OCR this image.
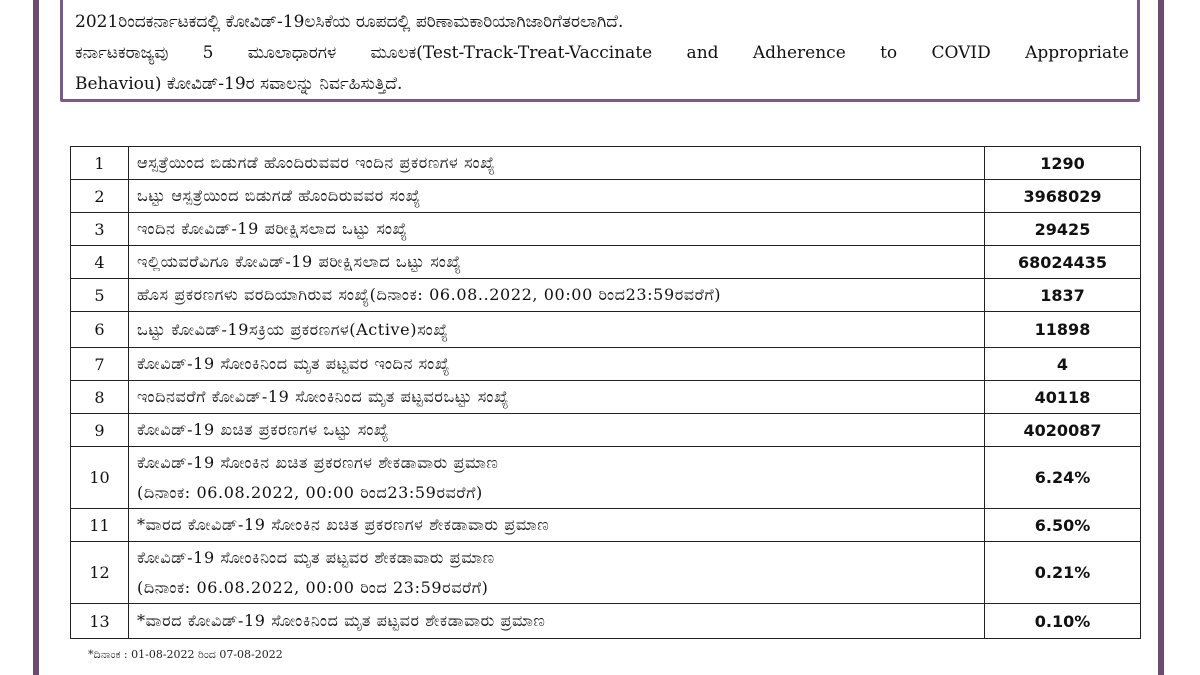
2021ರಿಂದಕರ್ನಾಟಕದಲ್ಲಿ ಕೋವಿಡ್-19ಲಸಿಕೆಯ ರೂಪದಲ್ಲಿ ಪರಿಣಾಮಕಾರಿಯಾಗಿಜಾರಿಗೆತರಲಾಗಿದೆ.
ಕರ್ನಾಟಕರಾಜ್ಯವು 5 ಮೂಲಾಧಾರಗಳ ಮೂಲಕ(Test-Track-Treat-Vaccinate and Adherence to COVID Appropriate
Behaviou) ಕೋವಿಡ್-19ರ ಸವಾಲನ್ನು ನಿರ್ವಹಿಸುತ್ತಿದೆ.
1	ಆಸ್ಪತ್ರೆಯಿಂದ ಬಿಡುಗಡೆ ಹೊಂದಿರುವವರ ಇಂದಿನ ಪ್ರಕರಣಗಳ ಸಂಖ್ಯೆ	1290
2	ಒಟ್ಟು ಆಸ್ಪತ್ರೆಯಿಂದ ಬಿಡುಗಡೆ ಹೊಂದಿರುವವರ ಸಂಖ್ಯೆ	3968029
3	ಇಂದಿನ ಕೋವಿಡ್-19 ಪರೀಕ್ಷಿಸಲಾದ ಒಟ್ಟು ಸಂಖ್ಯೆ	29425
4	ಇಲ್ಲಿಯವರೆವಿಗೂ ಕೋವಿಡ್-19 ಪರೀಕ್ಷಿಸಲಾದ ಒಟ್ಟು ಸಂಖ್ಯೆ	68024435
5	ಹೊಸ ಪ್ರಕರಣಗಳು ವರದಿಯಾಗಿರುವ ಸಂಖ್ಯೆ(ದಿನಾಂಕ: 06.08..2022, 00:00 ರಿಂದ23:59ರವರೆಗೆ)	1837
6	ಒಟ್ಟು ಕೋವಿಡ್-19ಸಕ್ರಿಯ ಪ್ರಕರಣಗಳ(Active)ಸಂಖ್ಯೆ	11898
7	ಕೋವಿಡ್-19 ಸೋಂಕಿನಿಂದ ಮೃತ ಪಟ್ಟವರ ಇಂದಿನ ಸಂಖ್ಯೆ	4
8	ಇಂದಿನವರೆಗೆ ಕೋವಿಡ್-19 ಸೋಂಕಿನಿಂದ ಮೃತ ಪಟ್ಟವರಒಟ್ಟು ಸಂಖ್ಯೆ	40118
9	ಕೋವಿಡ್-19 ಖಚಿತ ಪ್ರಕರಣಗಳ ಒಟ್ಟು ಸಂಖ್ಯೆ	4020087
10	ಕೋವಿಡ್-19 ಸೋಂಕಿನ ಖಚಿತ ಪ್ರಕರಣಗಳ ಶೇಕಡಾವಾರು ಪ್ರಮಾಣ
(ದಿನಾಂಕ: 06.08.2022, 00:00 ರಿಂದ23:59ರವರೆಗೆ)	6.24%
11	*ವಾರದ ಕೋವಿಡ್-19 ಸೋಂಕಿನ ಖಚಿತ ಪ್ರಕರಣಗಳ ಶೇಕಡಾವಾರು ಪ್ರಮಾಣ	6.50%
12	ಕೋವಿಡ್-19 ಸೋಂಕಿನಿಂದ ಮೃತ ಪಟ್ಟವರ ಶೇಕಡಾವಾರು ಪ್ರಮಾಣ
(ದಿನಾಂಕ: 06.08.2022, 00:00 ರಿಂದ 23:59ರವರೆಗೆ)	0.21%
13	*ವಾರದ ಕೋವಿಡ್-19 ಸೋಂಕಿನಿಂದ ಮೃತ ಪಟ್ಟವರ ಶೇಕಡಾವಾರು ಪ್ರಮಾಣ	0.10%
*ದಿನಾಂಕ : 01-08-2022 ರಿಂದ 07-08-2022
